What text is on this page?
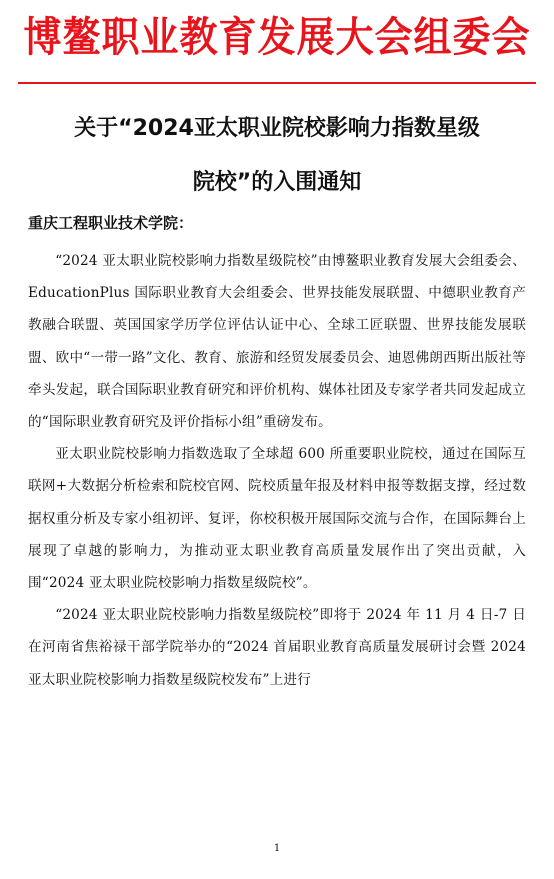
博鳌职业教育发展大会组委会
关于“2024亚太职业院校影响力指数星级
院校”的入围通知
重庆工程职业技术学院：

“2024 亚太职业院校影响力指数星级院校”由博鳌职业教育发展大会组委会、EducationPlus 国际职业教育大会组委会、世界技能发展联盟、中德职业教育产教融合联盟、英国国家学历学位评估认证中心、全球工匠联盟、世界技能发展联盟、欧中“一带一路”文化、教育、旅游和经贸发展委员会、迪恩佛朗西斯出版社等牵头发起，联合国际职业教育研究和评价机构、媒体社团及专家学者共同发起成立的“国际职业教育研究及评价指标小组”重磅发布。

亚太职业院校影响力指数选取了全球超 600 所重要职业院校，通过在国际互联网+大数据分析检索和院校官网、院校质量年报及材料申报等数据支撑，经过数据权重分析及专家小组初评、复评，你校积极开展国际交流与合作，在国际舞台上展现了卓越的影响力，为推动亚太职业教育高质量发展作出了突出贡献，入围“2024 亚太职业院校影响力指数星级院校”。

“2024 亚太职业院校影响力指数星级院校”即将于 2024 年 11 月 4 日-7 日在河南省焦裕禄干部学院举办的“2024 首届职业教育高质量发展研讨会暨 2024 亚太职业院校影响力指数星级院校发布”上进行

1
